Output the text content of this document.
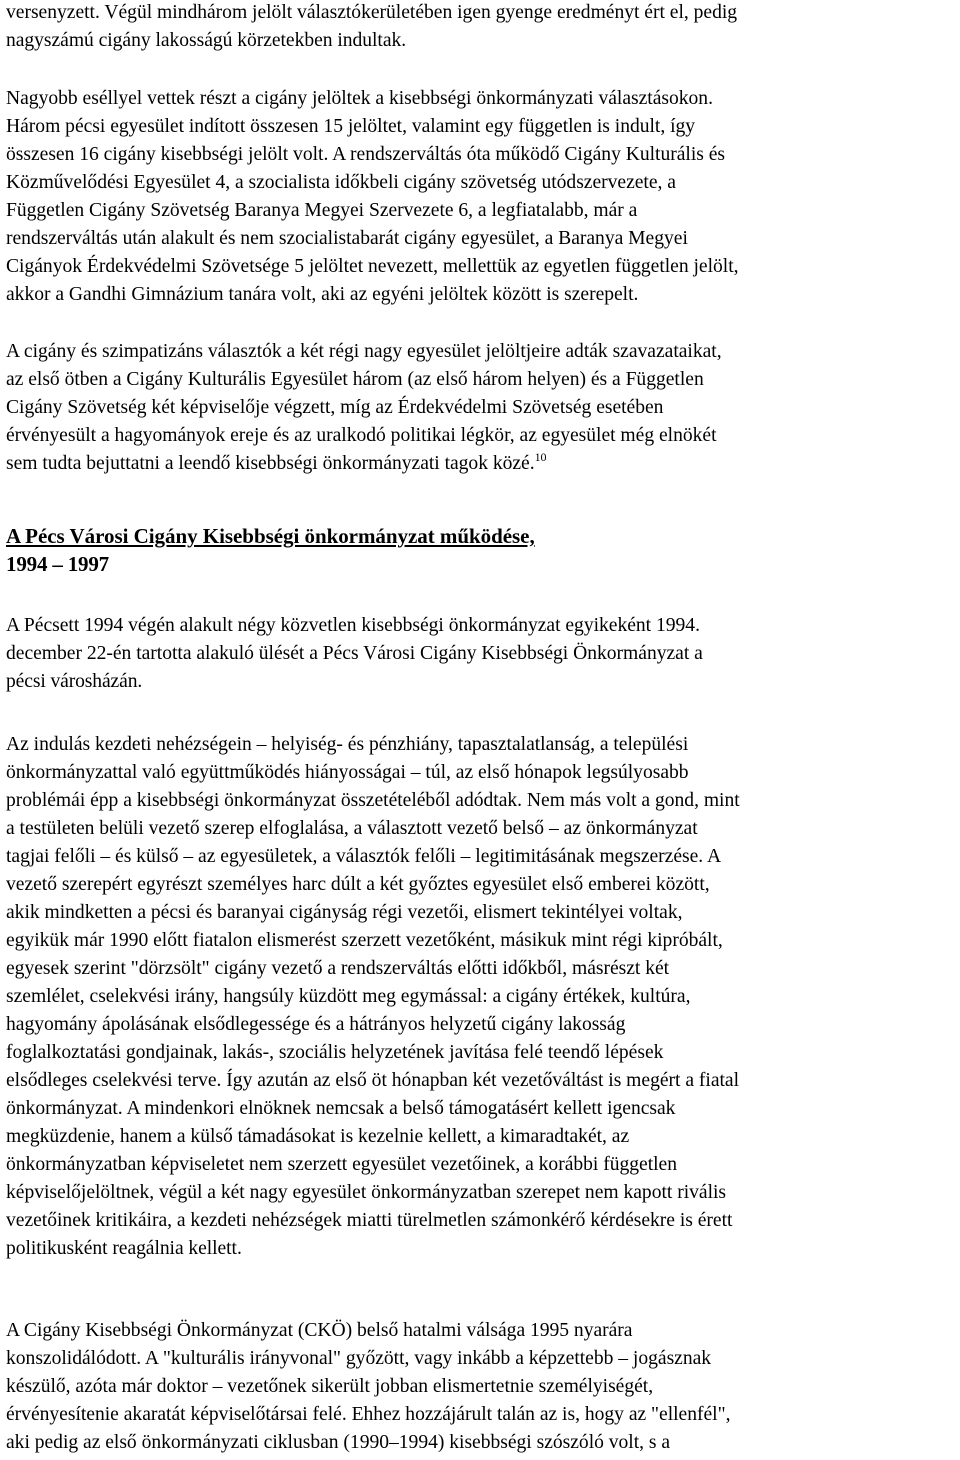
versenyzett. Végül mindhárom jelölt választókerületében igen gyenge eredményt ért el, pedig
nagyszámú cigány lakosságú körzetekben indultak.
Nagyobb eséllyel vettek részt a cigány jelöltek a kisebbségi önkormányzati választásokon.
Három pécsi egyesület indított összesen 15 jelöltet, valamint egy független is indult, így
összesen 16 cigány kisebbségi jelölt volt. A rendszerváltás óta működő Cigány Kulturális és
Közművelődési Egyesület 4, a szocialista időkbeli cigány szövetség utódszervezete, a
Független Cigány Szövetség Baranya Megyei Szervezete 6, a legfiatalabb, már a
rendszerváltás után alakult és nem szocialistabarát cigány egyesület, a Baranya Megyei
Cigányok Érdekvédelmi Szövetsége 5 jelöltet nevezett, mellettük az egyetlen független jelölt,
akkor a Gandhi Gimnázium tanára volt, aki az egyéni jelöltek között is szerepelt.
A cigány és szimpatizáns választók a két régi nagy egyesület jelöltjeire adták szavazataikat,
az első ötben a Cigány Kulturális Egyesület három (az első három helyen) és a Független
Cigány Szövetség két képviselője végzett, míg az Érdekvédelmi Szövetség esetében
érvényesült a hagyományok ereje és az uralkodó politikai légkör, az egyesület még elnökét
sem tudta bejuttatni a leendő kisebbségi önkormányzati tagok közé.$^{10}$
A Pécs Városi Cigány Kisebbségi önkormányzat működése,
1994 – 1997
A Pécsett 1994 végén alakult négy közvetlen kisebbségi önkormányzat egyikeként 1994.
december 22-én tartotta alakuló ülését a Pécs Városi Cigány Kisebbségi Önkormányzat a
pécsi városházán.
Az indulás kezdeti nehézségein – helyiség- és pénzhiány, tapasztalatlanság, a települési
önkormányzattal való együttműködés hiányosságai – túl, az első hónapok legsúlyosabb
problémái épp a kisebbségi önkormányzat összetételéből adódtak. Nem más volt a gond, mint
a testületen belüli vezető szerep elfoglalása, a választott vezető belső – az önkormányzat
tagjai felőli – és külső – az egyesületek, a választók felőli – legitimitásának megszerzése. A
vezető szerepért egyrészt személyes harc dúlt a két győztes egyesület első emberei között,
akik mindketten a pécsi és baranyai cigányság régi vezetői, elismert tekintélyei voltak,
egyikük már 1990 előtt fiatalon elismerést szerzett vezetőként, másikuk mint régi kipróbált,
egyesek szerint "dörzsölt" cigány vezető a rendszerváltás előtti időkből, másrészt két
szemlélet, cselekvési irány, hangsúly küzdött meg egymással: a cigány értékek, kultúra,
hagyomány ápolásának elsődlegessége és a hátrányos helyzetű cigány lakosság
foglalkoztatási gondjainak, lakás-, szociális helyzetének javítása felé teendő lépések
elsődleges cselekvési terve. Így azután az első öt hónapban két vezetőváltást is megért a fiatal
önkormányzat. A mindenkori elnöknek nemcsak a belső támogatásért kellett igencsak
megküzdenie, hanem a külső támadásokat is kezelnie kellett, a kimaradtakét, az
önkormányzatban képviseletet nem szerzett egyesület vezetőinek, a korábbi független
képviselőjelöltnek, végül a két nagy egyesület önkormányzatban szerepet nem kapott rivális
vezetőinek kritikáira, a kezdeti nehézségek miatti türelmetlen számonkérő kérdésekre is érett
politikusként reagálnia kellett.
A Cigány Kisebbségi Önkormányzat (CKÖ) belső hatalmi válsága 1995 nyarára
konszolidálódott. A "kulturális irányvonal" győzött, vagy inkább a képzettebb – jogásznak
készülő, azóta már doktor – vezetőnek sikerült jobban elismertetnie személyiségét,
érvényesítenie akaratát képviselőtársai felé. Ehhez hozzájárult talán az is, hogy az "ellenfél",
aki pedig az első önkormányzati ciklusban (1990–1994) kisebbségi szószóló volt, s a
